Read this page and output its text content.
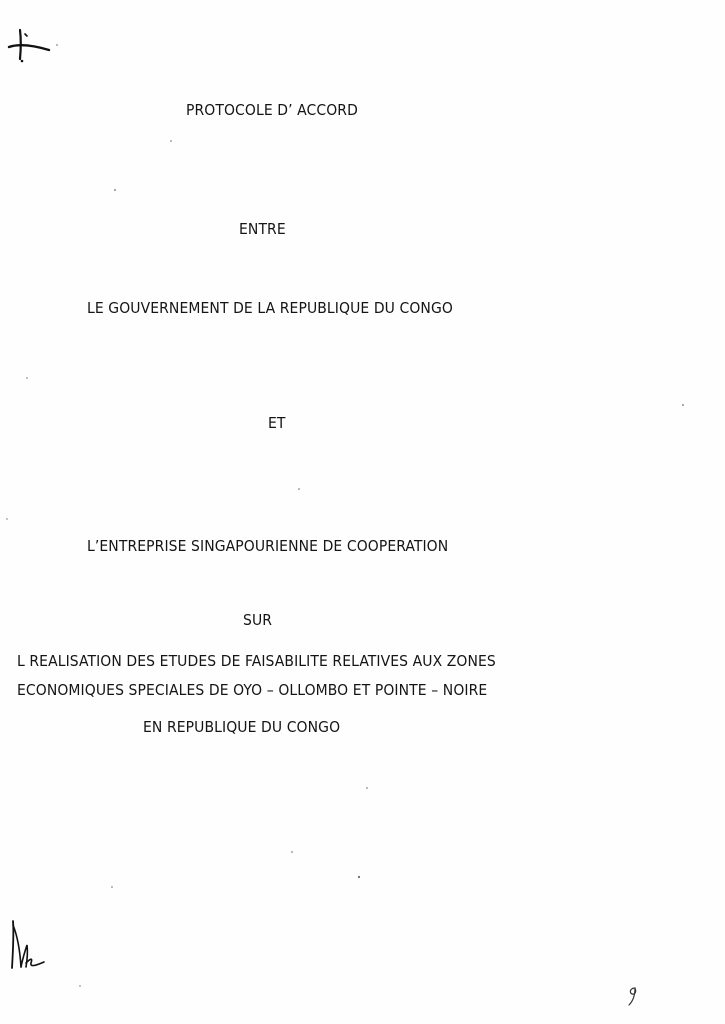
PROTOCOLE D’ ACCORD

ENTRE

LE GOUVERNEMENT DE LA REPUBLIQUE DU CONGO

ET

L’ENTREPRISE SINGAPOURIENNE DE COOPERATION

SUR

L REALISATION DES ETUDES DE FAISABILITE RELATIVES AUX ZONES

ECONOMIQUES SPECIALES DE OYO – OLLOMBO ET POINTE – NOIRE

EN REPUBLIQUE DU CONGO
